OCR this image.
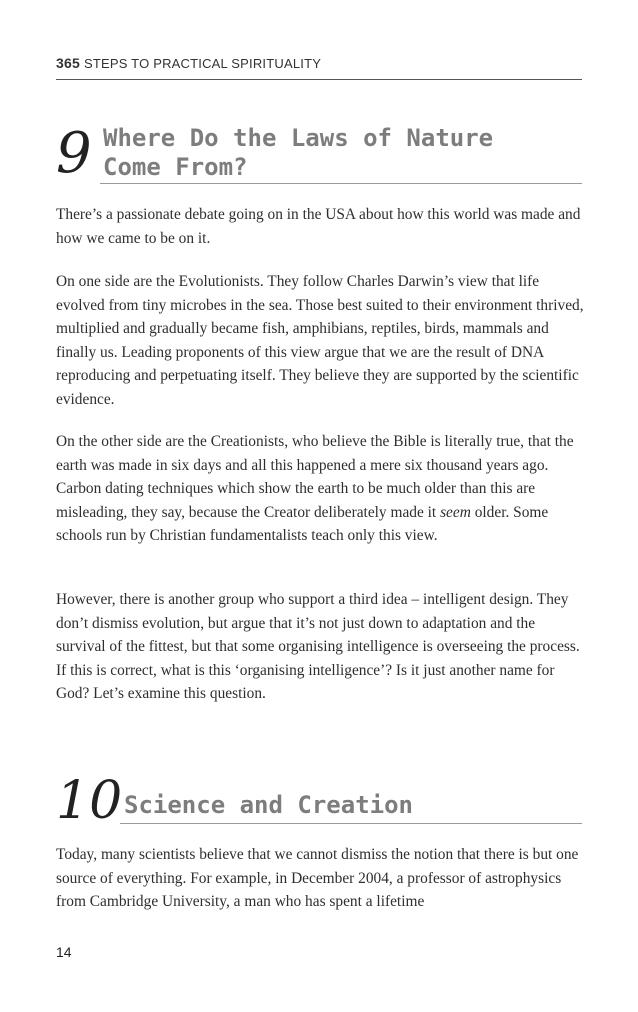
365 STEPS TO PRACTICAL SPIRITUALITY
9 Where Do the Laws of Nature
Come From?

There’s a passionate debate going on in the USA about how this world was made and how we came to be on it.

On one side are the Evolutionists. They follow Charles Darwin’s view that life evolved from tiny microbes in the sea. Those best suited to their environment thrived, multiplied and gradually became fish, amphibians, reptiles, birds, mammals and finally us. Leading proponents of this view argue that we are the result of DNA reproducing and perpetuating itself. They believe they are supported by the scientific evidence.

On the other side are the Creationists, who believe the Bible is literally true, that the earth was made in six days and all this happened a mere six thousand years ago. Carbon dating techniques which show the earth to be much older than this are misleading, they say, because the Creator deliberately made it seem older. Some schools run by Christian fundamentalists teach only this view.

However, there is another group who support a third idea – intelligent design. They don’t dismiss evolution, but argue that it’s not just down to adaptation and the survival of the fittest, but that some organising intelligence is overseeing the process. If this is correct, what is this ‘organising intelligence’? Is it just another name for God? Let’s examine this question.

10 Science and Creation

Today, many scientists believe that we cannot dismiss the notion that there is but one source of everything. For example, in December 2004, a professor of astrophysics from Cambridge University, a man who has spent a lifetime

14
